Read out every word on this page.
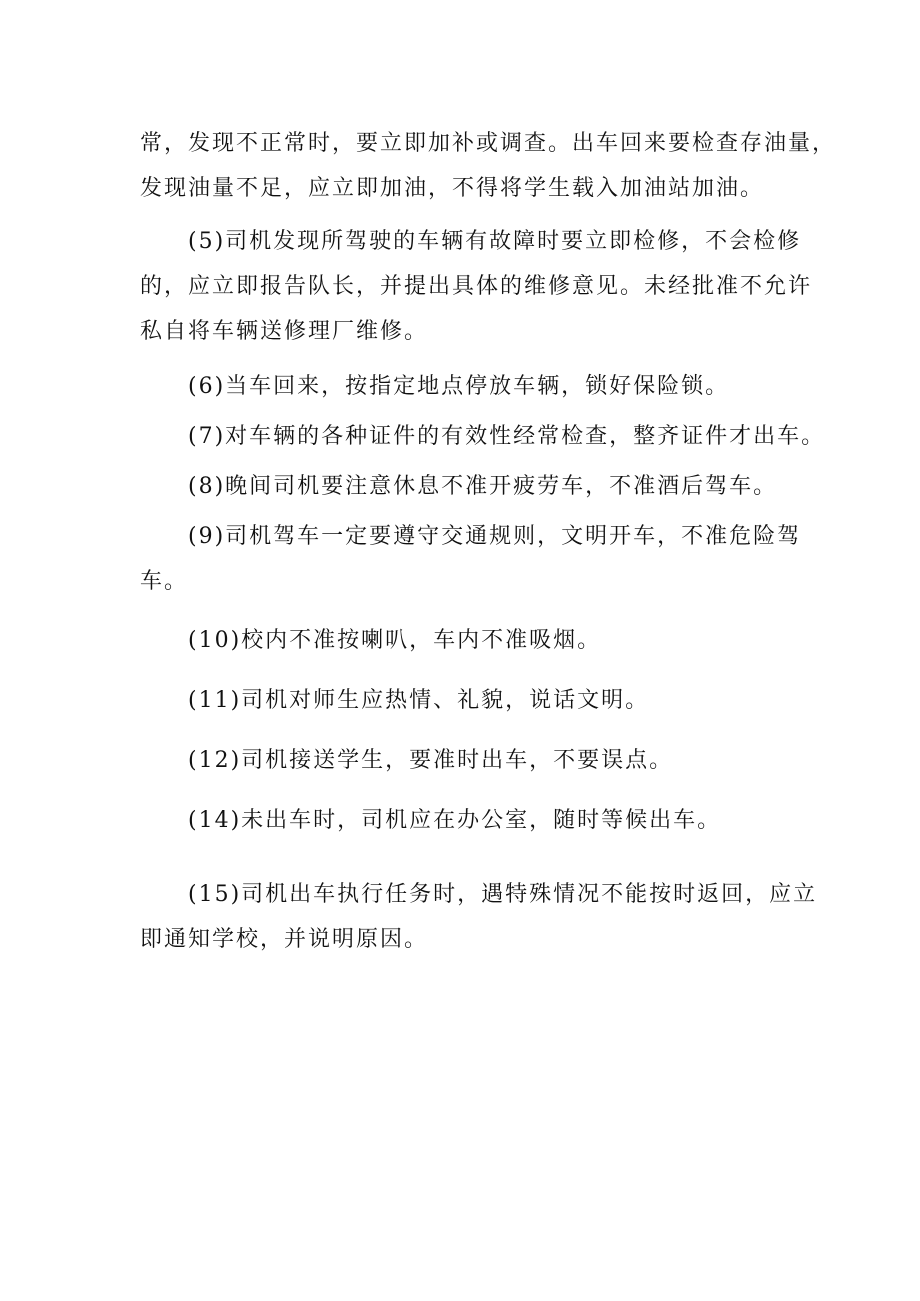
常，发现不正常时，要立即加补或调查。出车回来要检查存油量，
发现油量不足，应立即加油，不得将学生载入加油站加油。
(5)司机发现所驾驶的车辆有故障时要立即检修，不会检修
的，应立即报告队长，并提出具体的维修意见。未经批准不允许
私自将车辆送修理厂维修。
(6)当车回来，按指定地点停放车辆，锁好保险锁。
(7)对车辆的各种证件的有效性经常检查，整齐证件才出车。
(8)晚间司机要注意休息不准开疲劳车，不准酒后驾车。
(9)司机驾车一定要遵守交通规则，文明开车，不准危险驾
车。
(10)校内不准按喇叭，车内不准吸烟。
(11)司机对师生应热情、礼貌，说话文明。
(12)司机接送学生，要准时出车，不要误点。
(14)未出车时，司机应在办公室，随时等候出车。
(15)司机出车执行任务时，遇特殊情况不能按时返回，应立
即通知学校，并说明原因。
